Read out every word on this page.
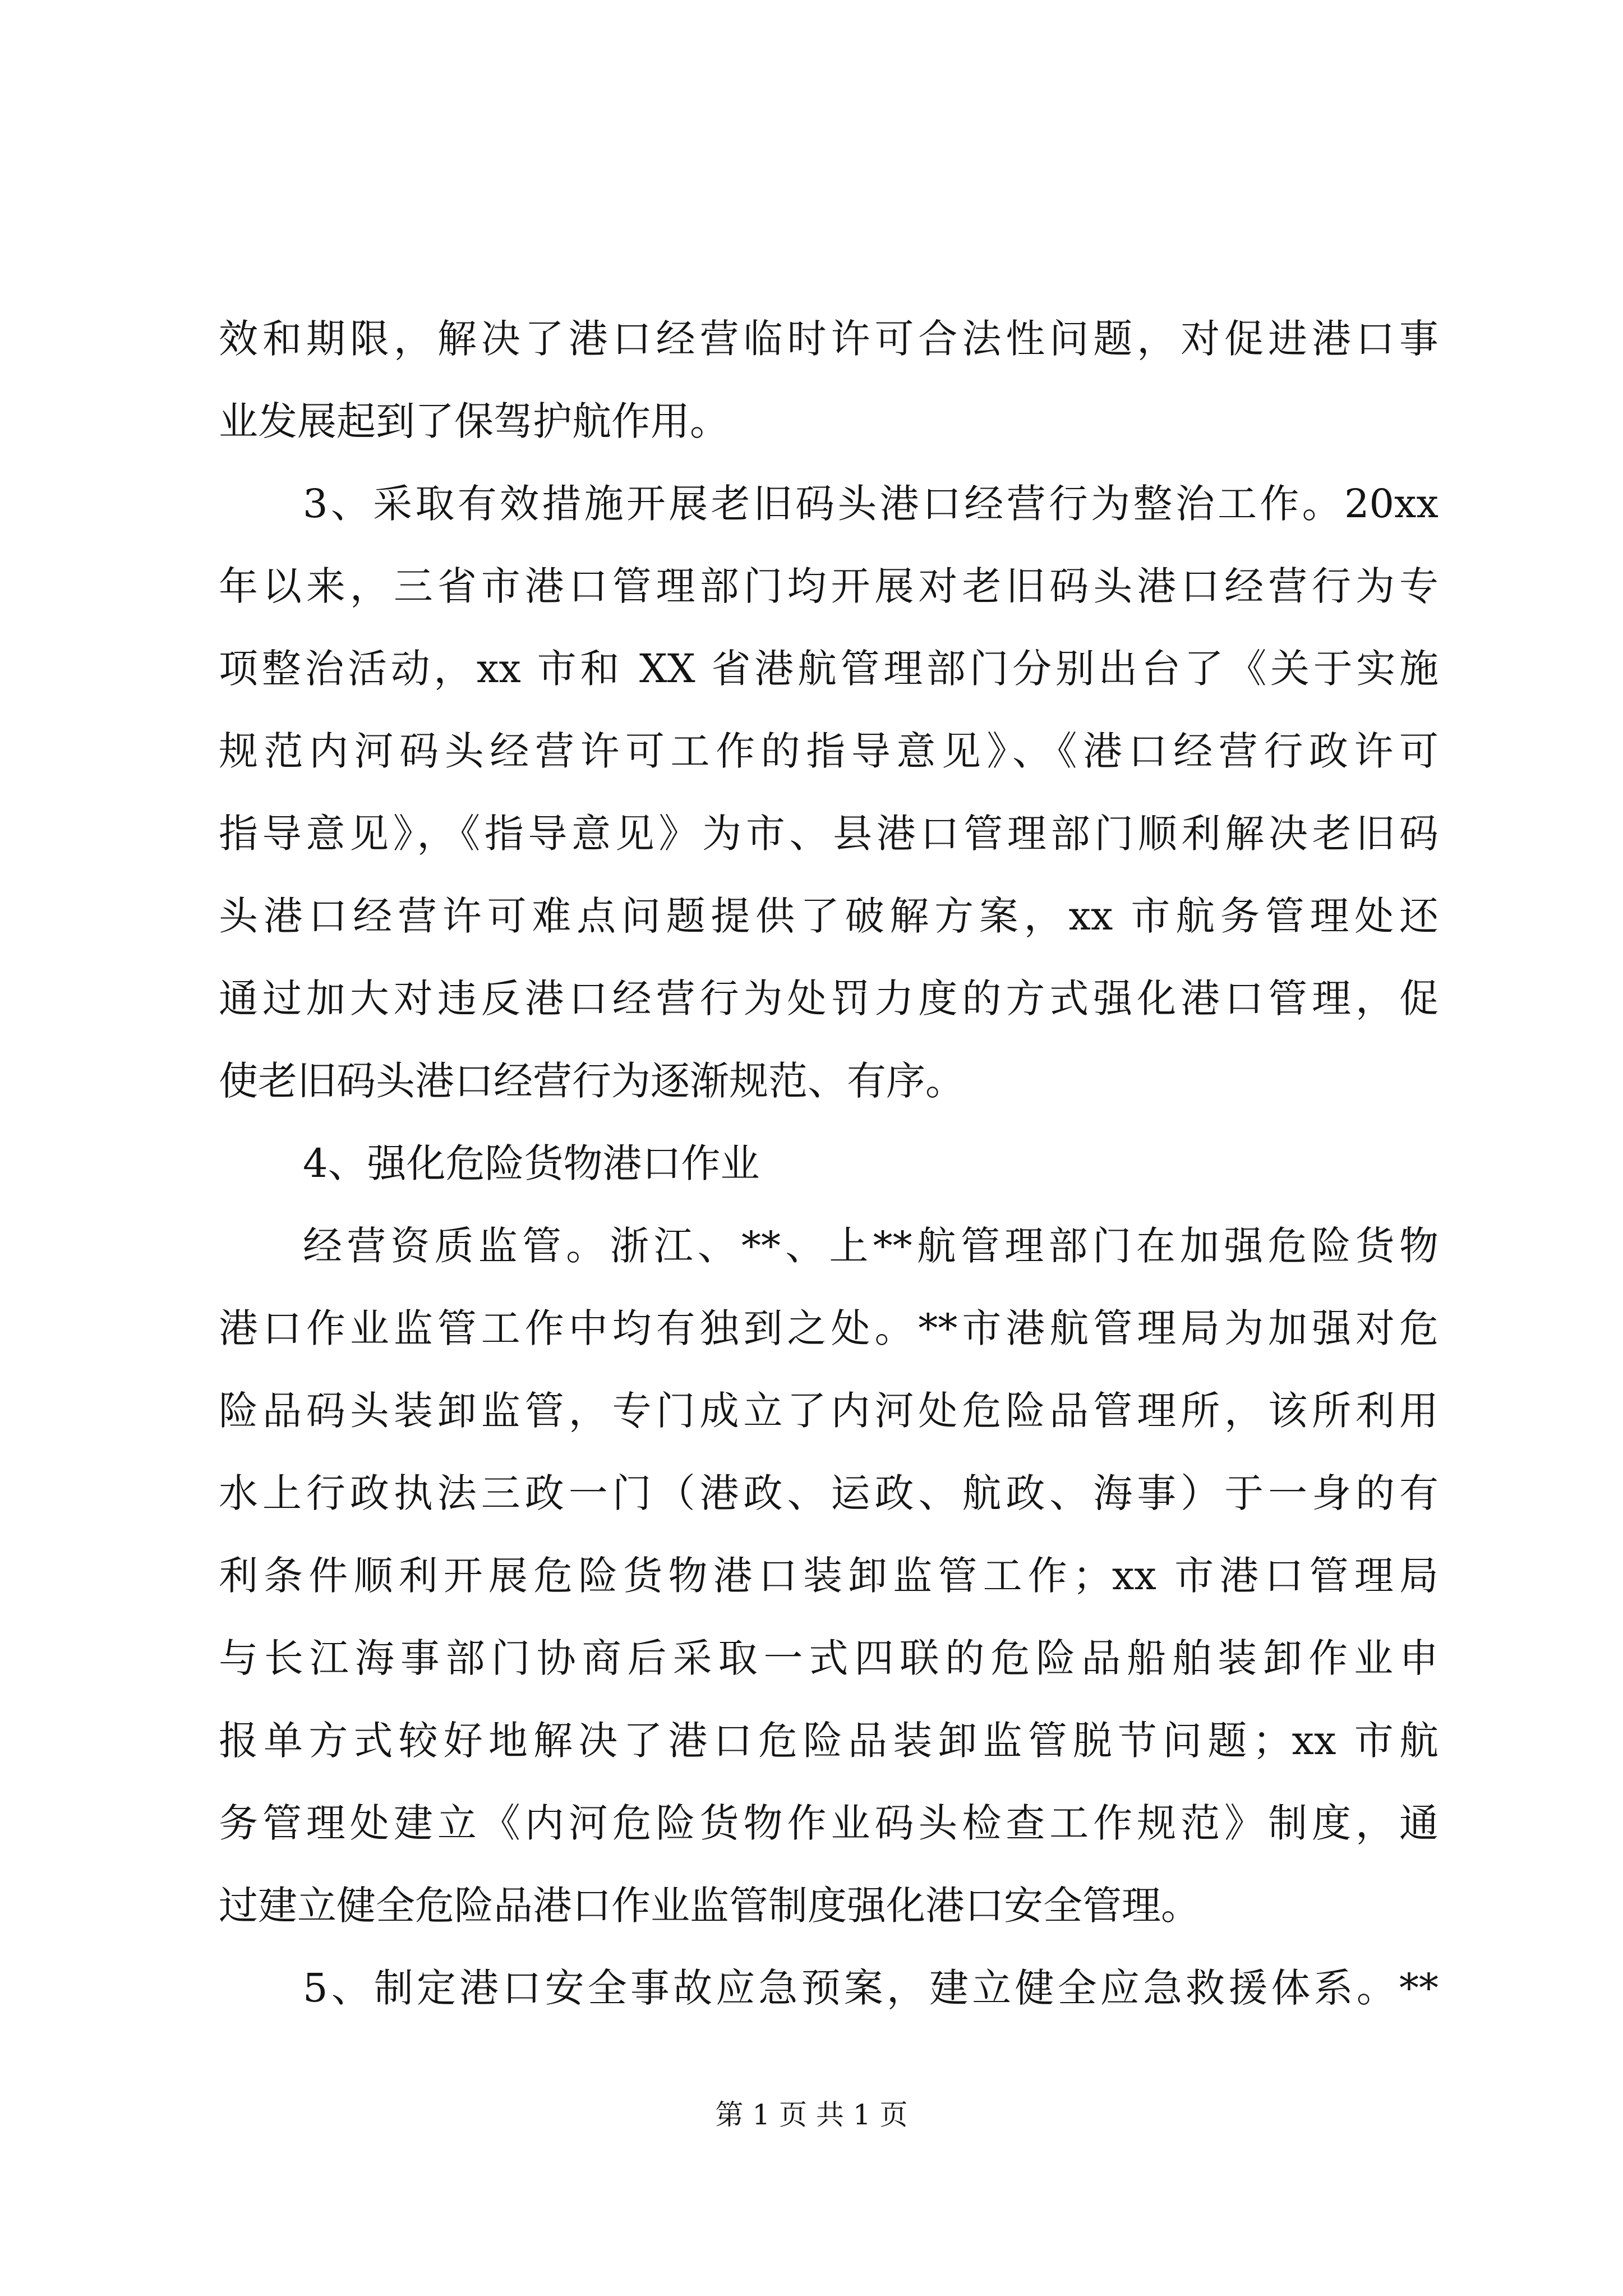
效和期限，解决了港口经营临时许可合法性问题，对促进港口事
业发展起到了保驾护航作用。
3、采取有效措施开展老旧码头港口经营行为整治工作。20xx
年以来，三省市港口管理部门均开展对老旧码头港口经营行为专
项整治活动，xx 市和 XX 省港航管理部门分别出台了《关于实施
规范内河码头经营许可工作的指导意见》、《港口经营行政许可
指导意见》，《指导意见》为市、县港口管理部门顺利解决老旧码
头港口经营许可难点问题提供了破解方案，xx 市航务管理处还
通过加大对违反港口经营行为处罚力度的方式强化港口管理，促
使老旧码头港口经营行为逐渐规范、有序。
4、强化危险货物港口作业
经营资质监管。浙江、**、上**航管理部门在加强危险货物
港口作业监管工作中均有独到之处。**市港航管理局为加强对危
险品码头装卸监管，专门成立了内河处危险品管理所，该所利用
水上行政执法三政一门（港政、运政、航政、海事）于一身的有
利条件顺利开展危险货物港口装卸监管工作；xx 市港口管理局
与长江海事部门协商后采取一式四联的危险品船舶装卸作业申
报单方式较好地解决了港口危险品装卸监管脱节问题；xx 市航
务管理处建立《内河危险货物作业码头检查工作规范》制度，通
过建立健全危险品港口作业监管制度强化港口安全管理。
5、制定港口安全事故应急预案，建立健全应急救援体系。**
第 1 页 共 1 页
